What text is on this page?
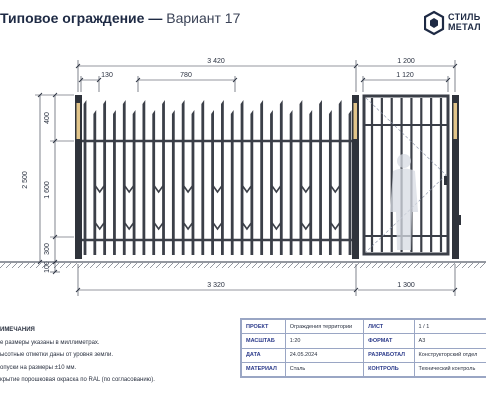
Типовое ограждение — Вариант 17	СТИЛЬ
МЕТАЛ
3 420	1 200
1 120
130	780
2 500
400
1 600
300
100
3 320	1 300
ИМЕЧАНИЯ
е размеры указаны в миллиметрах.
ысотные отметки даны от уровня земли.
опуски на размеры ±10 мм.
крытие порошковая окраска по RAL (по согласованию).
ПРОЕКТ	Ограждения территории	ЛИСТ	1 / 1
МАСШТАБ	1:20	ФОРМАТ	А3
ДАТА	24.05.2024	РАЗРАБОТАЛ	Конструкторский отдел
МАТЕРИАЛ	Сталь	КОНТРОЛЬ	Технический контроль
